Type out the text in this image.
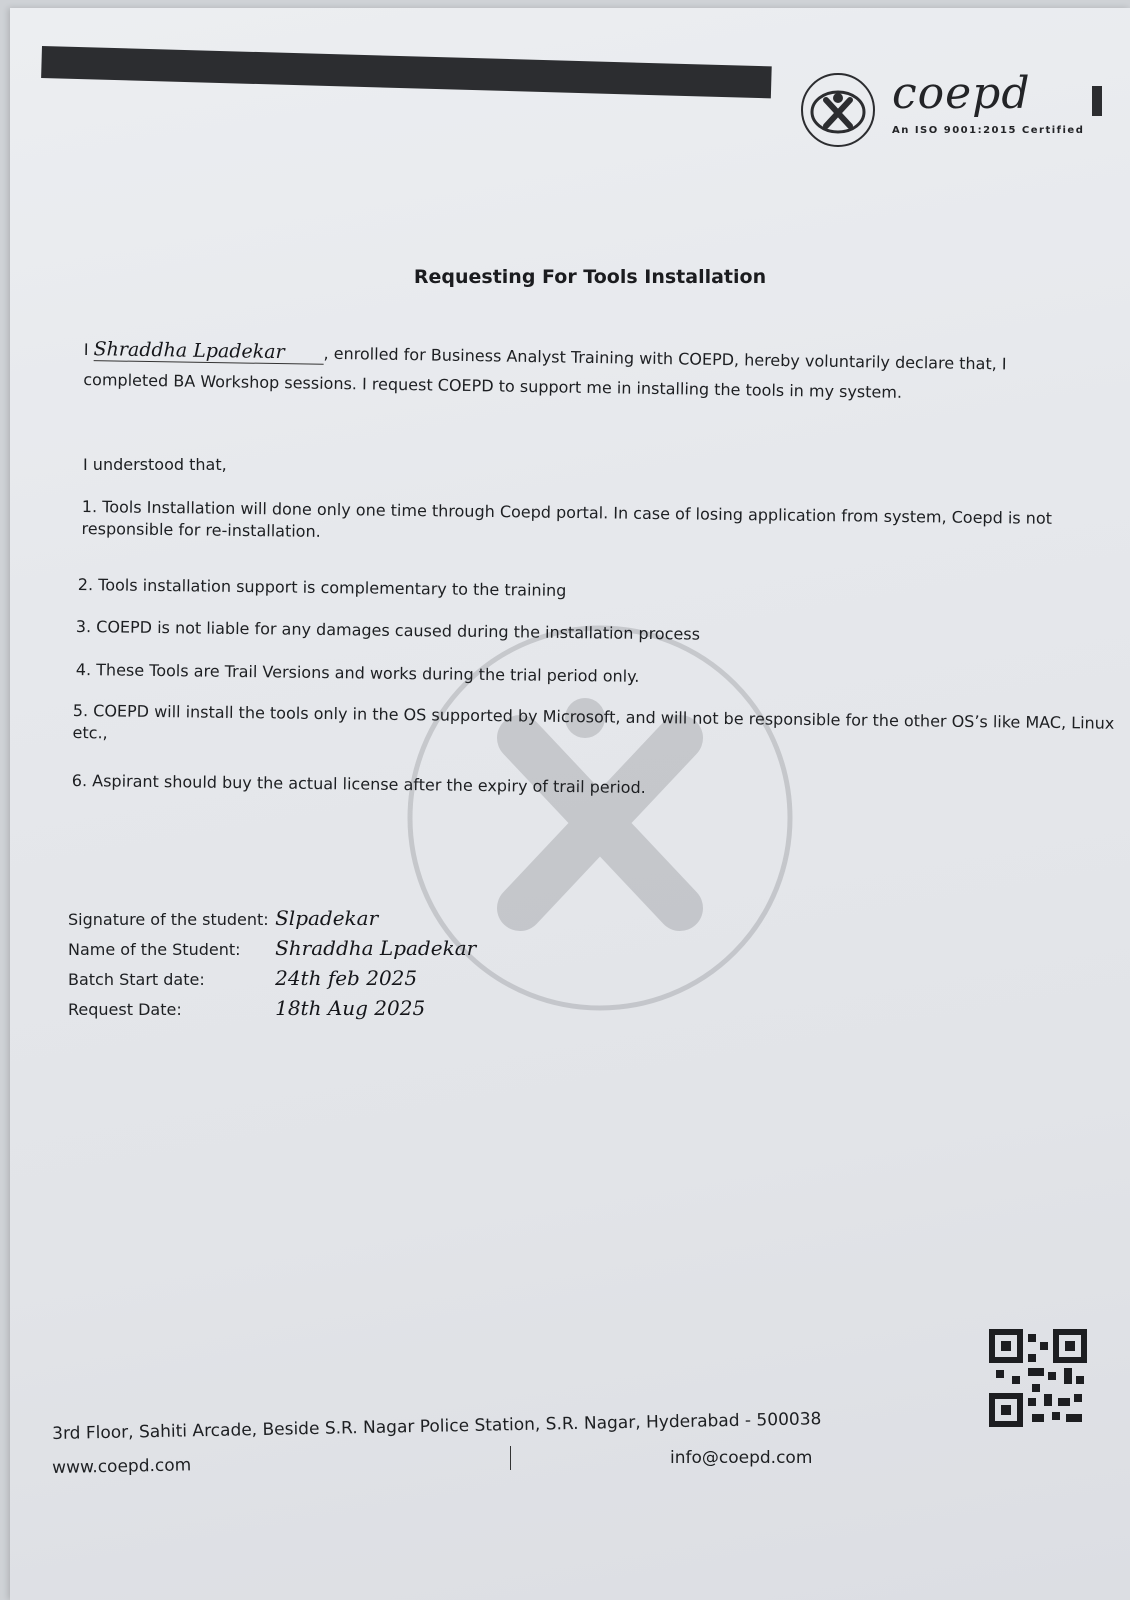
coepd
An ISO 9001:2015 Certified
Requesting For Tools Installation
I Shraddha Lpadekar , enrolled for Business Analyst Training with COEPD, hereby voluntarily declare that, I
completed BA Workshop sessions. I request COEPD to support me in installing the tools in my system.
I understood that,
1. Tools Installation will done only one time through Coepd portal. In case of losing application from system, Coepd is not responsible for re-installation.
2. Tools installation support is complementary to the training
3. COEPD is not liable for any damages caused during the installation process
4. These Tools are Trail Versions and works during the trial period only.
5. COEPD will install the tools only in the OS supported by Microsoft, and will not be responsible for the other OS’s like MAC, Linux etc.,
6. Aspirant should buy the actual license after the expiry of trail period.
Signature of the student: Slpadekar
Name of the Student: Shraddha Lpadekar
Batch Start date:	24th feb 2025
Request Date:	18th Aug 2025
3rd Floor, Sahiti Arcade, Beside S.R. Nagar Police Station, S.R. Nagar, Hyderabad - 500038
info@coepd.com
www.coepd.com
